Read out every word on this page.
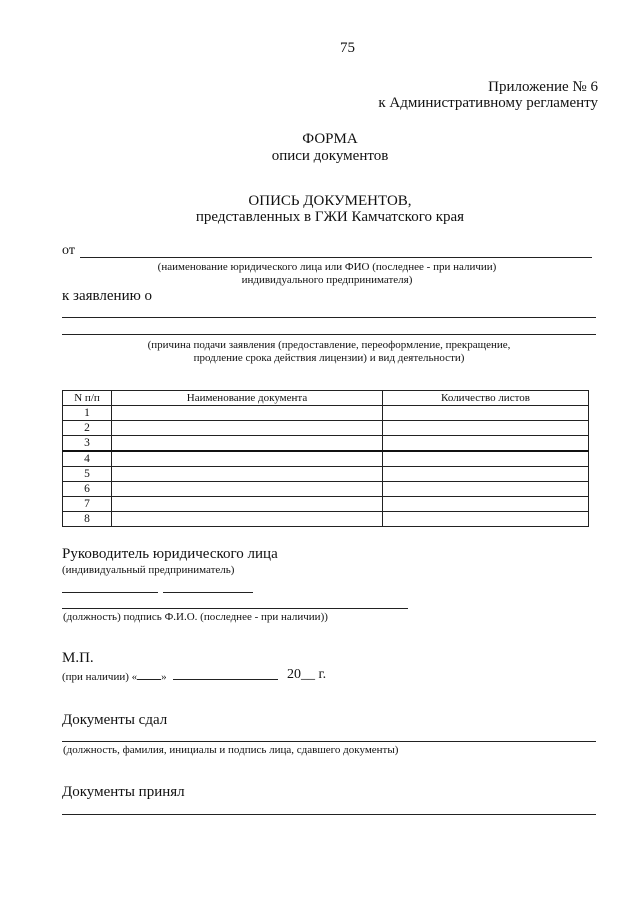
75
Приложение № 6
к Административному регламенту
ФОРМА
описи документов
ОПИСЬ ДОКУМЕНТОВ,
представленных в ГЖИ Камчатского края
от
(наименование юридического лица или ФИО (последнее - при наличии)
индивидуального предпринимателя)
к заявлению о
(причина подачи заявления (предоставление, переоформление, прекращение,
продление срока действия лицензии) и вид деятельности)
N п/п	Наименование документа	Количество листов
1		
2		
3		
4		
5		
6		
7		
8		
Руководитель юридического лица
(индивидуальный предприниматель)
(должность) подпись Ф.И.О. (последнее - при наличии))
М.П.
(при наличии) « »	20__ г.
Документы сдал
(должность, фамилия, инициалы и подпись лица, сдавшего документы)
Документы принял
